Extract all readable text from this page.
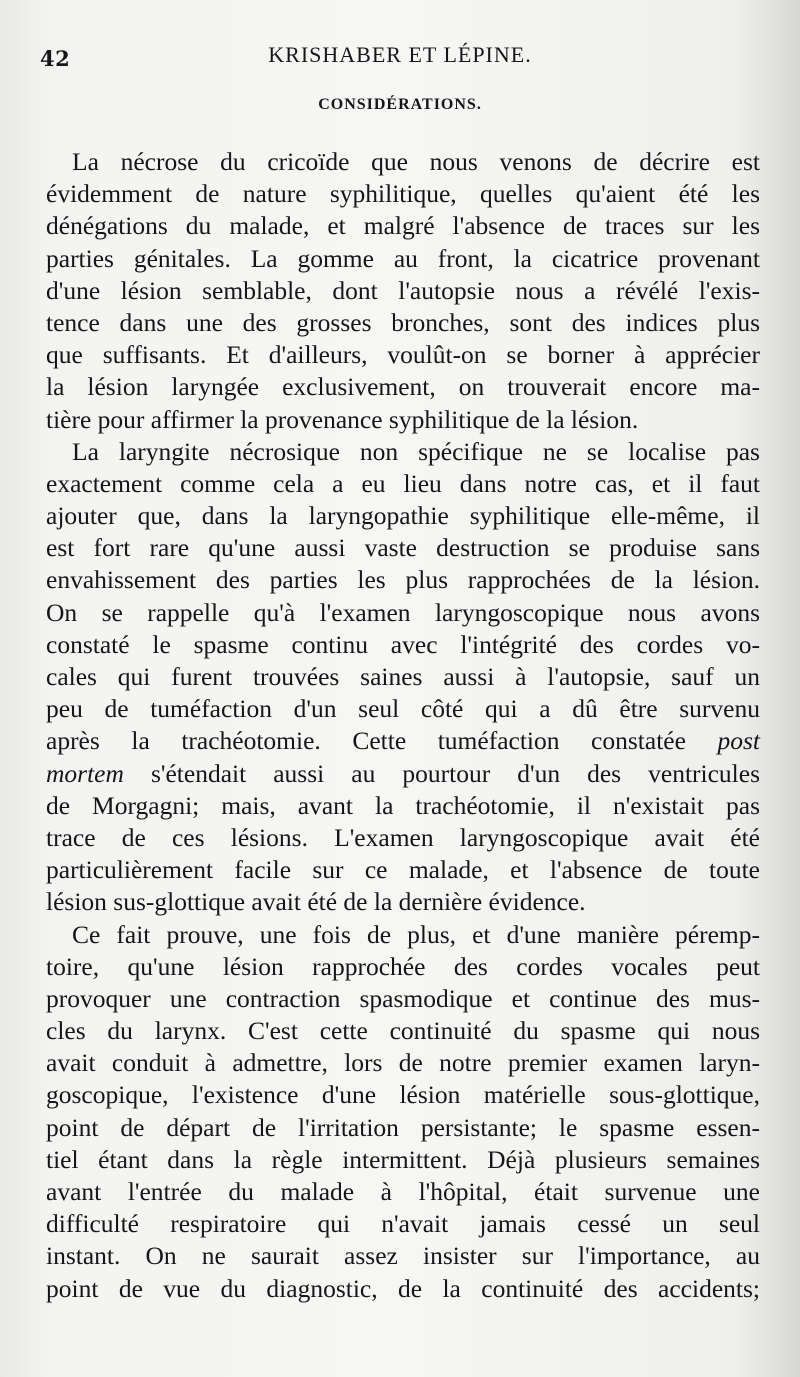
42	KRISHABER ET LÉPINE.
CONSIDÉRATIONS.
La nécrose du cricoïde que nous venons de décrire est
évidemment de nature syphilitique, quelles qu'aient été les
dénégations du malade, et malgré l'absence de traces sur les
parties génitales. La gomme au front, la cicatrice provenant
d'une lésion semblable, dont l'autopsie nous a révélé l'exis-
tence dans une des grosses bronches, sont des indices plus
que suffisants. Et d'ailleurs, voulût-on se borner à apprécier
la lésion laryngée exclusivement, on trouverait encore ma-
tière pour affirmer la provenance syphilitique de la lésion.
La laryngite nécrosique non spécifique ne se localise pas
exactement comme cela a eu lieu dans notre cas, et il faut
ajouter que, dans la laryngopathie syphilitique elle-même, il
est fort rare qu'une aussi vaste destruction se produise sans
envahissement des parties les plus rapprochées de la lésion.
On se rappelle qu'à l'examen laryngoscopique nous avons
constaté le spasme continu avec l'intégrité des cordes vo-
cales qui furent trouvées saines aussi à l'autopsie, sauf un
peu de tuméfaction d'un seul côté qui a dû être survenu
après la trachéotomie. Cette tuméfaction constatée post
mortem s'étendait aussi au pourtour d'un des ventricules
de Morgagni; mais, avant la trachéotomie, il n'existait pas
trace de ces lésions. L'examen laryngoscopique avait été
particulièrement facile sur ce malade, et l'absence de toute
lésion sus-glottique avait été de la dernière évidence.
Ce fait prouve, une fois de plus, et d'une manière péremp-
toire, qu'une lésion rapprochée des cordes vocales peut
provoquer une contraction spasmodique et continue des mus-
cles du larynx. C'est cette continuité du spasme qui nous
avait conduit à admettre, lors de notre premier examen laryn-
goscopique, l'existence d'une lésion matérielle sous-glottique,
point de départ de l'irritation persistante; le spasme essen-
tiel étant dans la règle intermittent. Déjà plusieurs semaines
avant l'entrée du malade à l'hôpital, était survenue une
difficulté respiratoire qui n'avait jamais cessé un seul
instant. On ne saurait assez insister sur l'importance, au
point de vue du diagnostic, de la continuité des accidents;
